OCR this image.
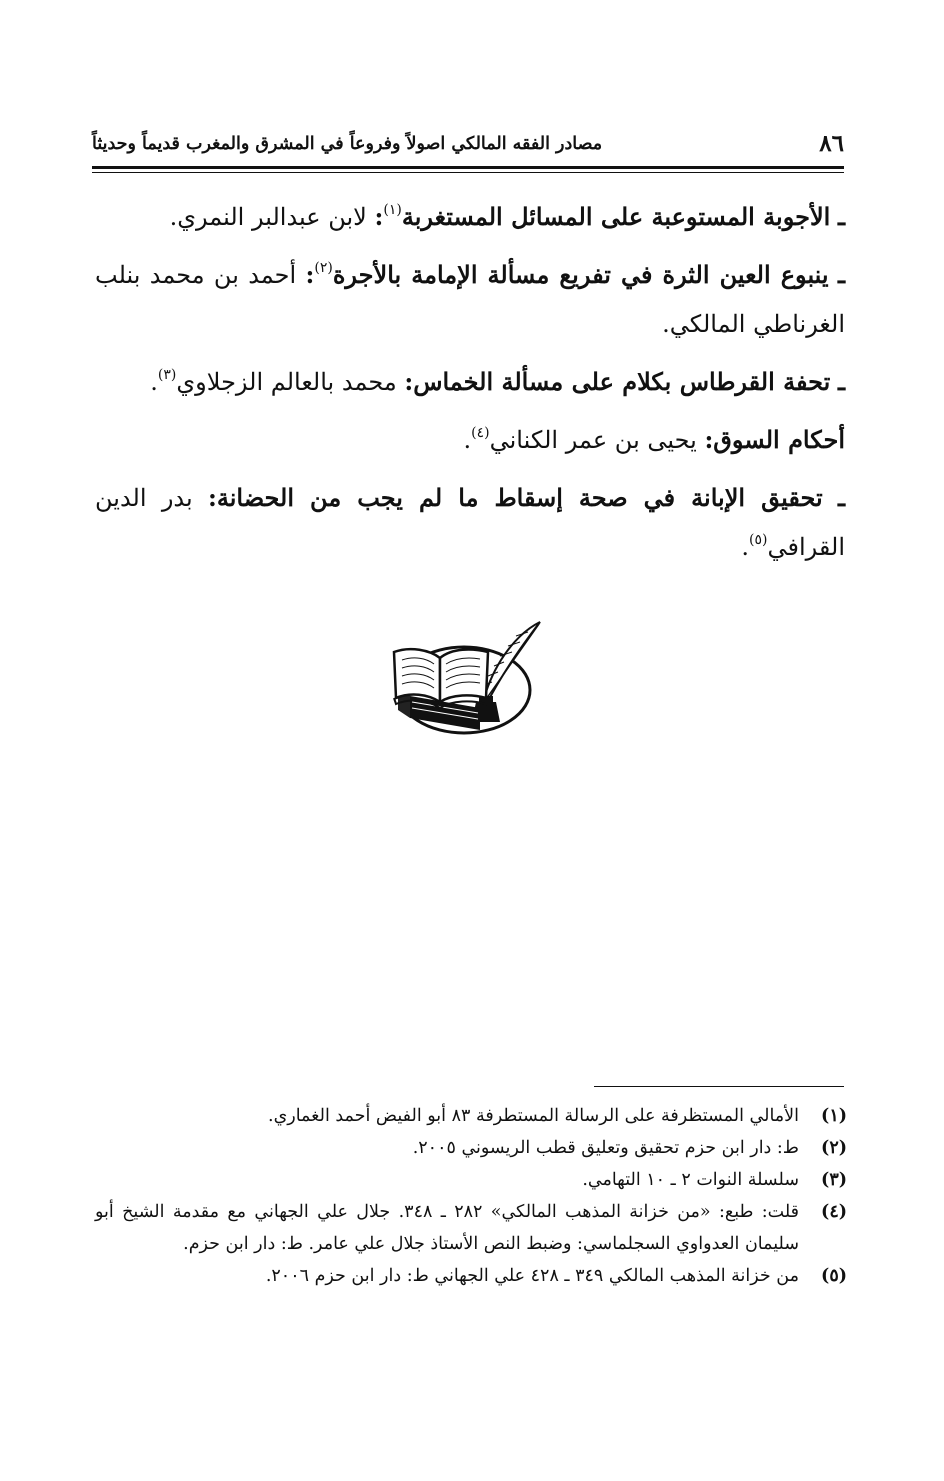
٨٦
مصادر الفقه المالكي اصولاً وفروعاً في المشرق والمغرب قديماً وحديثاً

ـ الأجوبة المستوعبة على المسائل المستغربة$^{(١)}$: لابن عبدالبر النمري.

ـ ينبوع العين الثرة في تفريع مسألة الإمامة بالأجرة$^{(٢)}$: أحمد بن محمد بنلب الغرناطي المالكي.

ـ تحفة القرطاس بكلام على مسألة الخماس: محمد بالعالم الزجلاوي$^{(٣)}$.

أحكام السوق: يحيى بن عمر الكناني$^{(٤)}$.

ـ تحقيق الإبانة في صحة إسقاط ما لم يجب من الحضانة: بدر الدين القرافي$^{(٥)}$.

(١)
الأمالي المستظرفة على الرسالة المستطرفة ٨٣ أبو الفيض أحمد الغماري.
(٢)
ط: دار ابن حزم تحقيق وتعليق قطب الريسوني ٢٠٠٥.
(٣)
سلسلة النوات ٢ ـ ١٠ التهامي.
(٤)
قلت: طبع: «من خزانة المذهب المالكي» ٢٨٢ ـ ٣٤٨. جلال علي الجهاني مع مقدمة الشيخ أبو سليمان العدواوي السجلماسي: وضبط النص الأستاذ جلال علي عامر. ط: دار ابن حزم.
(٥)
من خزانة المذهب المالكي ٣٤٩ ـ ٤٢٨ علي الجهاني ط: دار ابن حزم ٢٠٠٦.
